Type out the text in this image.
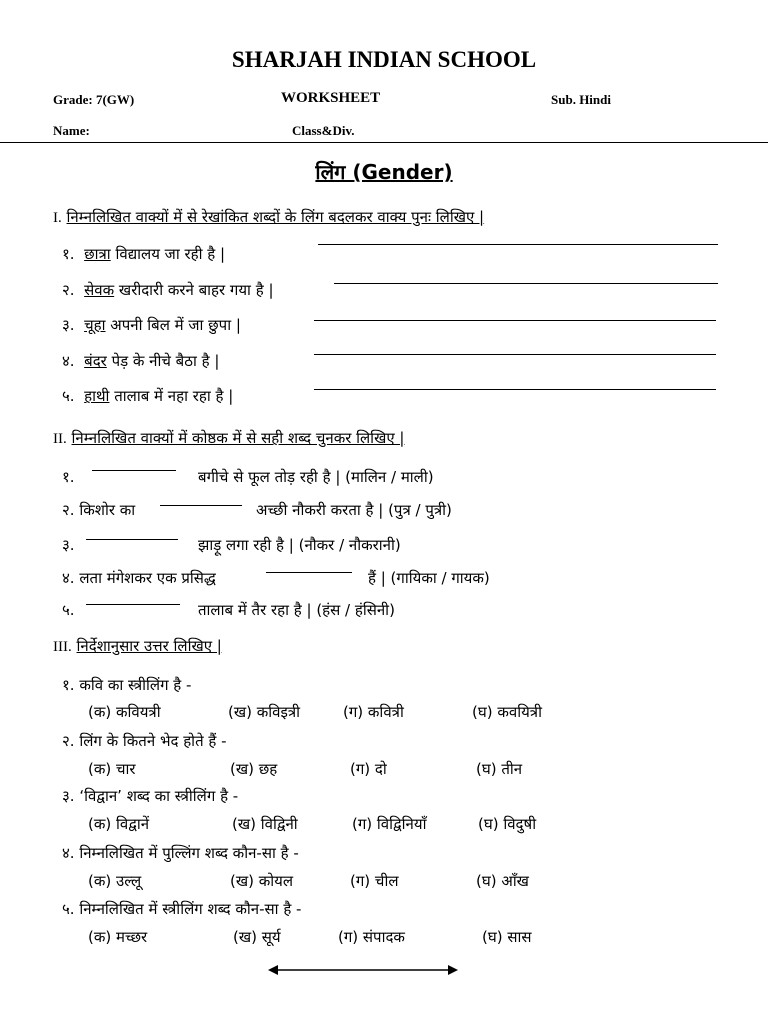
SHARJAH INDIAN SCHOOL
Grade: 7(GW)	WORKSHEET	Sub. Hindi
Name:	Class&Div.
लिंग (Gender)
I. निम्नलिखित वाक्यों में से रेखांकित शब्दों के लिंग बदलकर वाक्य पुनः लिखिए |
१. छात्रा विद्यालय जा रही है |
२. सेवक खरीदारी करने बाहर गया है |
३. चूहा अपनी बिल में जा छुपा |
४. बंदर पेड़ के नीचे बैठा है |
५. हाथी तालाब में नहा रहा है |
II. निम्नलिखित वाक्यों में कोष्ठक में से सही शब्द चुनकर लिखिए |
१.	बगीचे से फूल तोड़ रही है | (मालिन / माली)
२. किशोर का	अच्छी नौकरी करता है | (पुत्र / पुत्री)
३.	झाड़ू लगा रही है | (नौकर / नौकरानी)
४. लता मंगेशकर एक प्रसिद्ध	हैं | (गायिका / गायक)
५.	तालाब में तैर रहा है | (हंस / हंसिनी)
III. निर्देशानुसार उत्तर लिखिए |
१. कवि का स्त्रीलिंग है -
(क) कवियत्री	(ख) कविइत्री	(ग) कवित्री	(घ) कवयित्री
२. लिंग के कितने भेद होते हैं -
(क) चार	(ख) छह	(ग) दो	(घ) तीन
३. ‘विद्वान’ शब्द का स्त्रीलिंग है -
(क) विद्वानें	(ख) विद्विनी	(ग) विद्विनियाँ	(घ) विदुषी
४. निम्नलिखित में पुल्लिंग शब्द कौन-सा है -
(क) उल्लू	(ख) कोयल	(ग) चील	(घ) आँख
५. निम्नलिखित में स्त्रीलिंग शब्द कौन-सा है -
(क) मच्छर	(ख) सूर्य	(ग) संपादक	(घ) सास
